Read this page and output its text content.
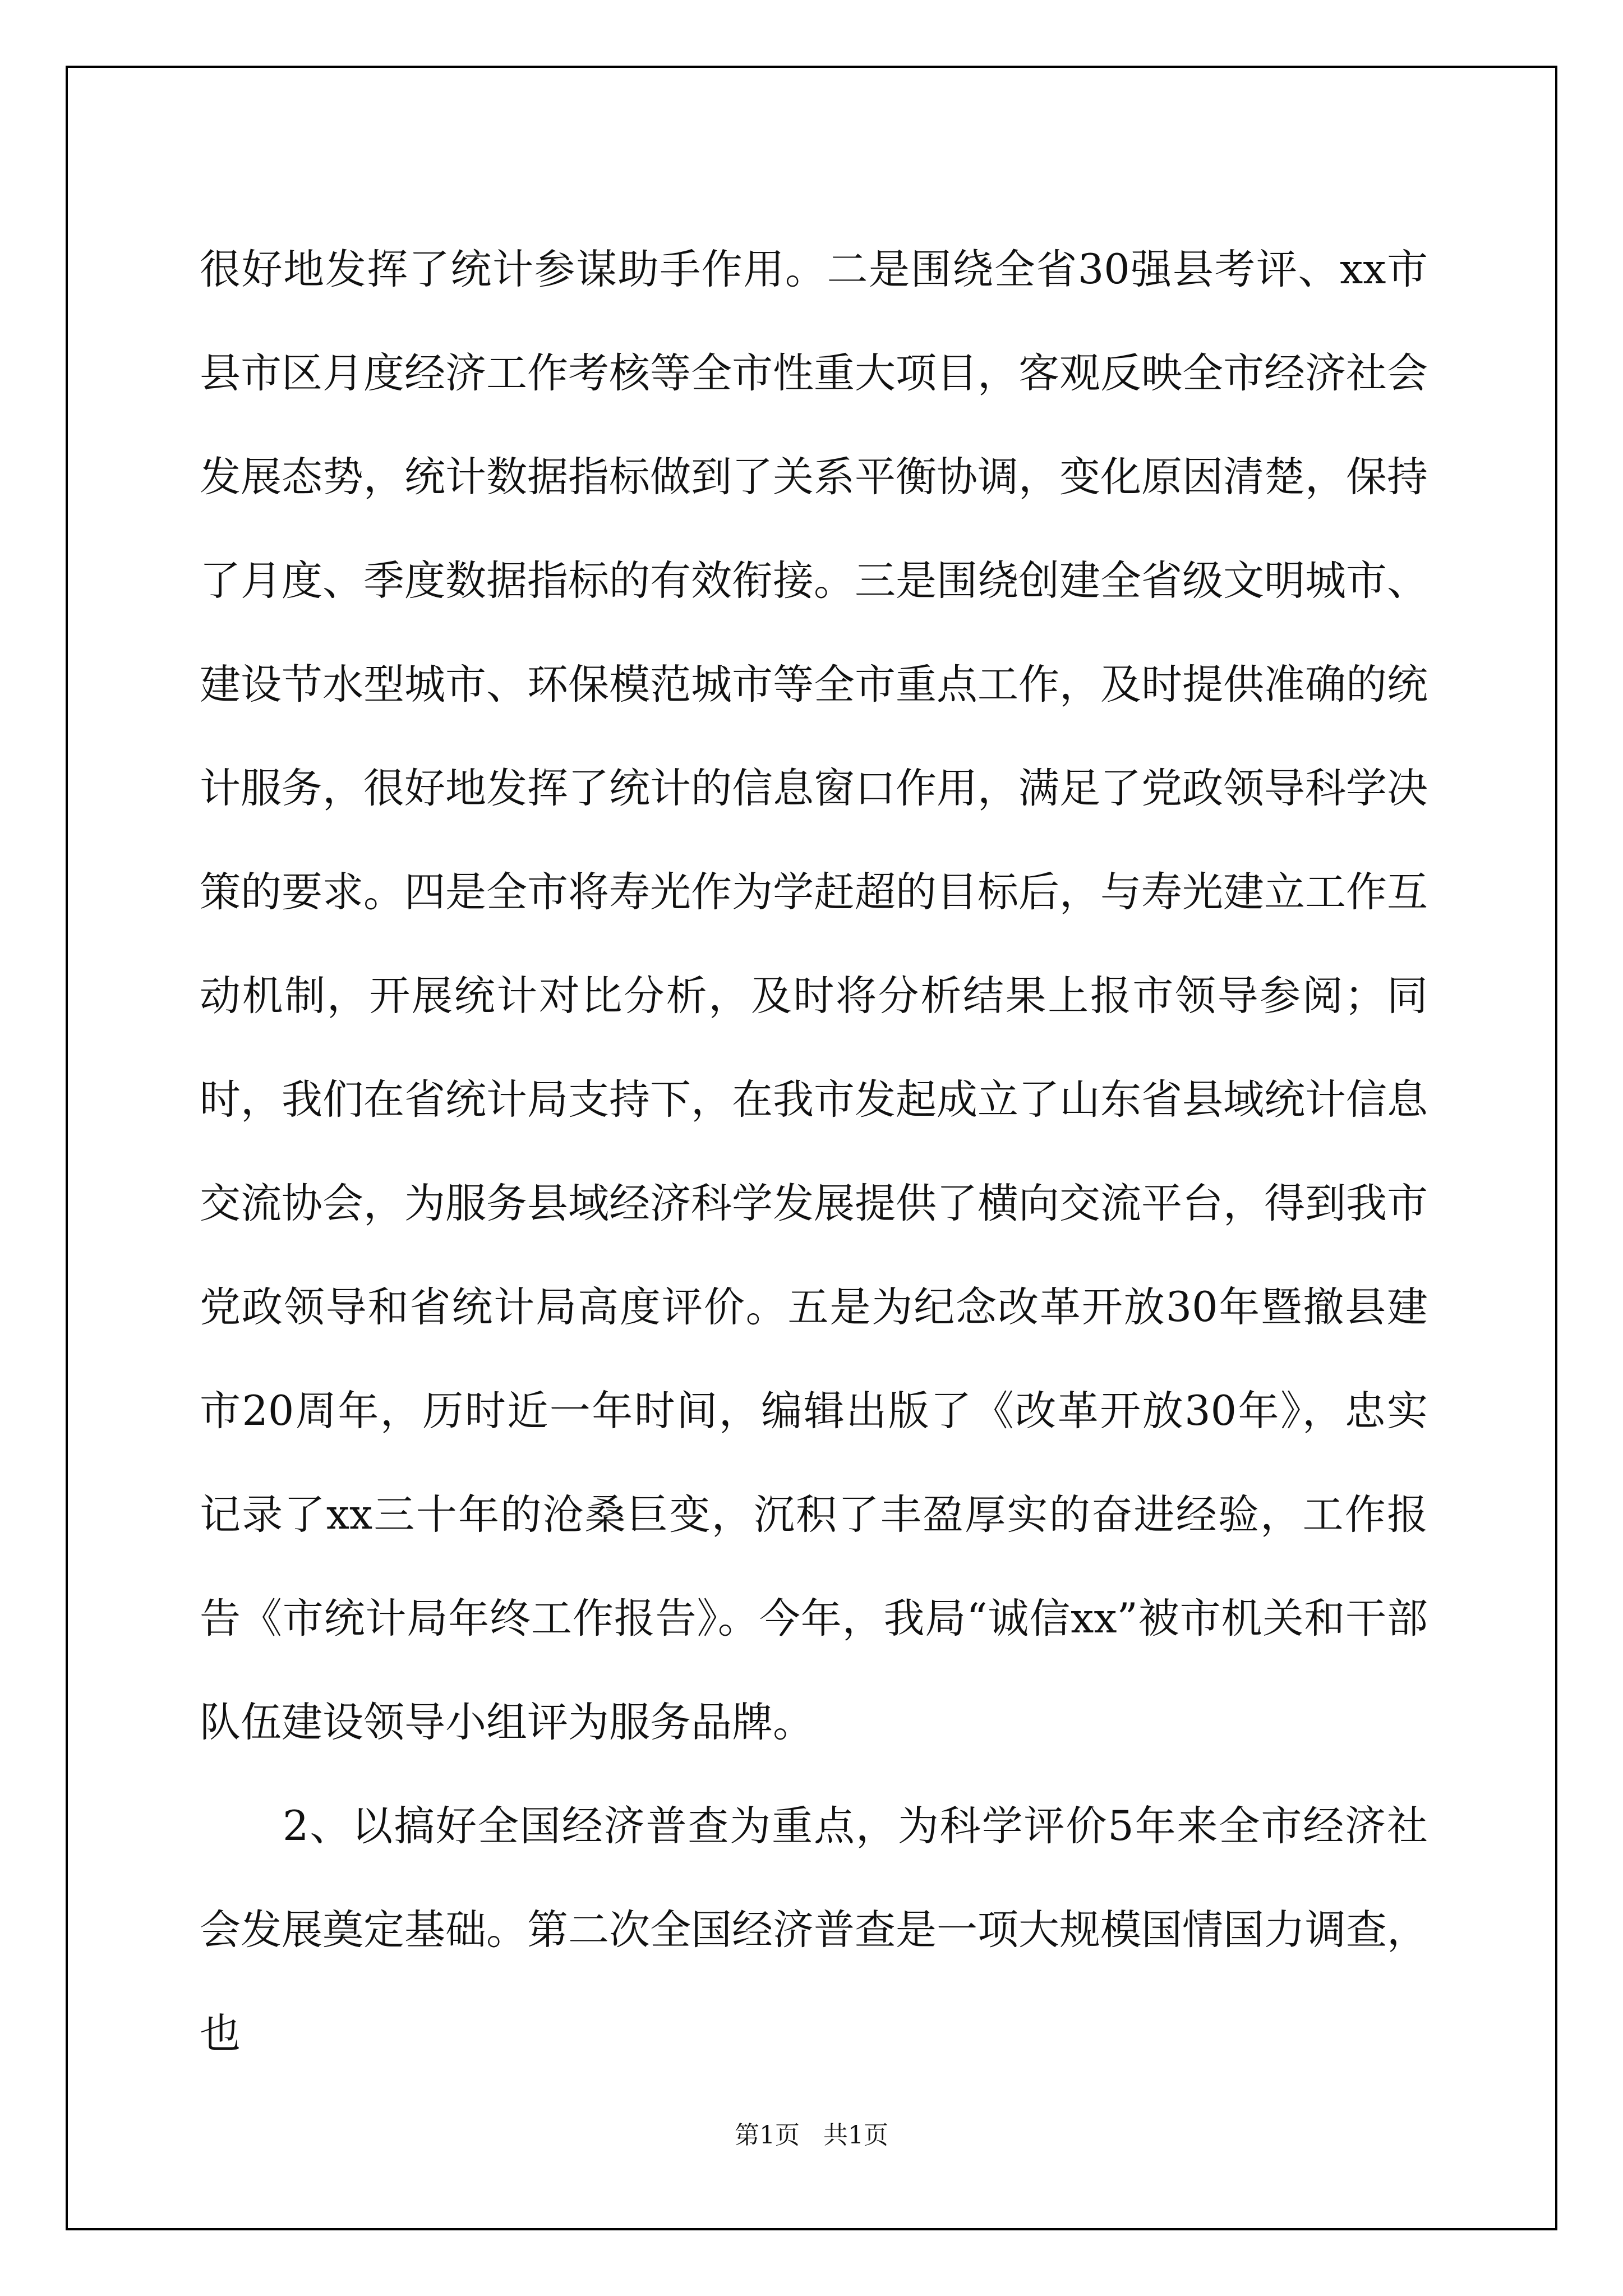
很好地发挥了统计参谋助手作用。二是围绕全省30强县考评、xx市县市区月度经济工作考核等全市性重大项目，客观反映全市经济社会发展态势，统计数据指标做到了关系平衡协调，变化原因清楚，保持了月度、季度数据指标的有效衔接。三是围绕创建全省级文明城市、建设节水型城市、环保模范城市等全市重点工作，及时提供准确的统计服务，很好地发挥了统计的信息窗口作用，满足了党政领导科学决策的要求。四是全市将寿光作为学赶超的目标后，与寿光建立工作互动机制，开展统计对比分析，及时将分析结果上报市领导参阅；同时，我们在省统计局支持下，在我市发起成立了山东省县域统计信息交流协会，为服务县域经济科学发展提供了横向交流平台，得到我市党政领导和省统计局高度评价。五是为纪念改革开放30年暨撤县建市20周年，历时近一年时间，编辑出版了《改革开放30年》，忠实记录了xx三十年的沧桑巨变，沉积了丰盈厚实的奋进经验，工作报告《市统计局年终工作报告》。今年，我局“诚信xx”被市机关和干部队伍建设领导小组评为服务品牌。

2、以搞好全国经济普查为重点，为科学评价5年来全市经济社会发展奠定基础。第二次全国经济普查是一项大规模国情国力调查，也

第1页 共1页
